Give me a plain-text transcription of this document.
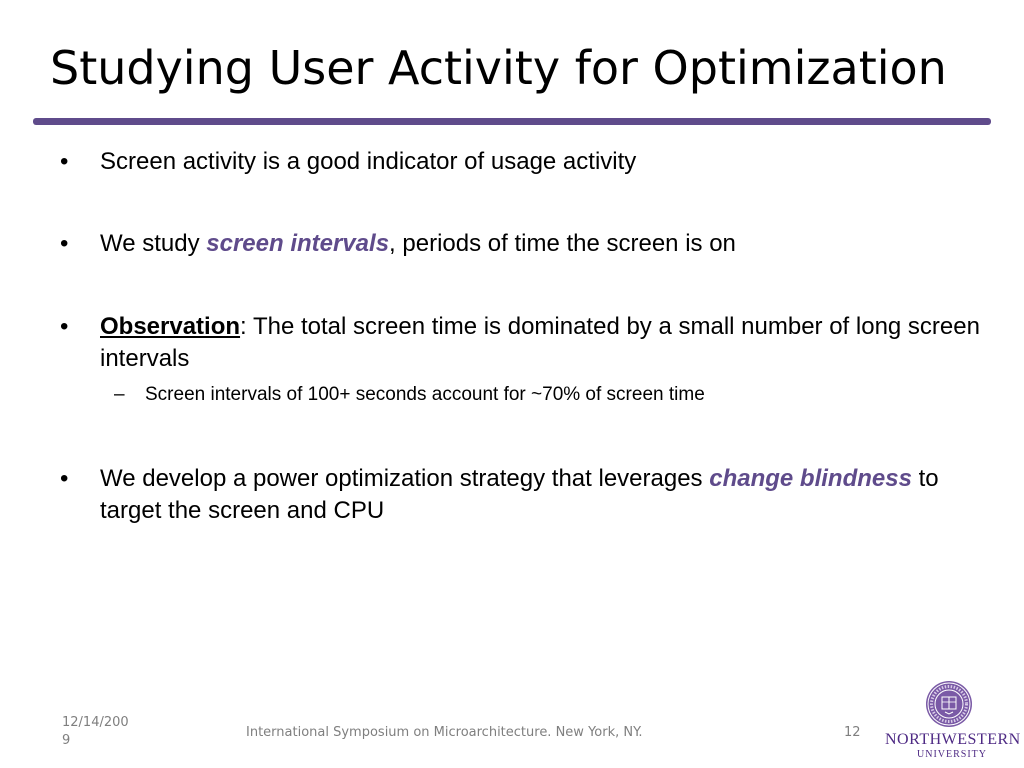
Studying User Activity for Optimization
• Screen activity is a good indicator of usage activity
• We study screen intervals, periods of time the screen is on
• Observation: The total screen time is dominated by a small number of long screen intervals
– Screen intervals of 100+ seconds account for ~70% of screen time
• We develop a power optimization strategy that leverages change blindness to target the screen and CPU
12/14/200
9
International Symposium on Microarchitecture. New York, NY.	12 NORTHWESTERN
UNIVERSITY
